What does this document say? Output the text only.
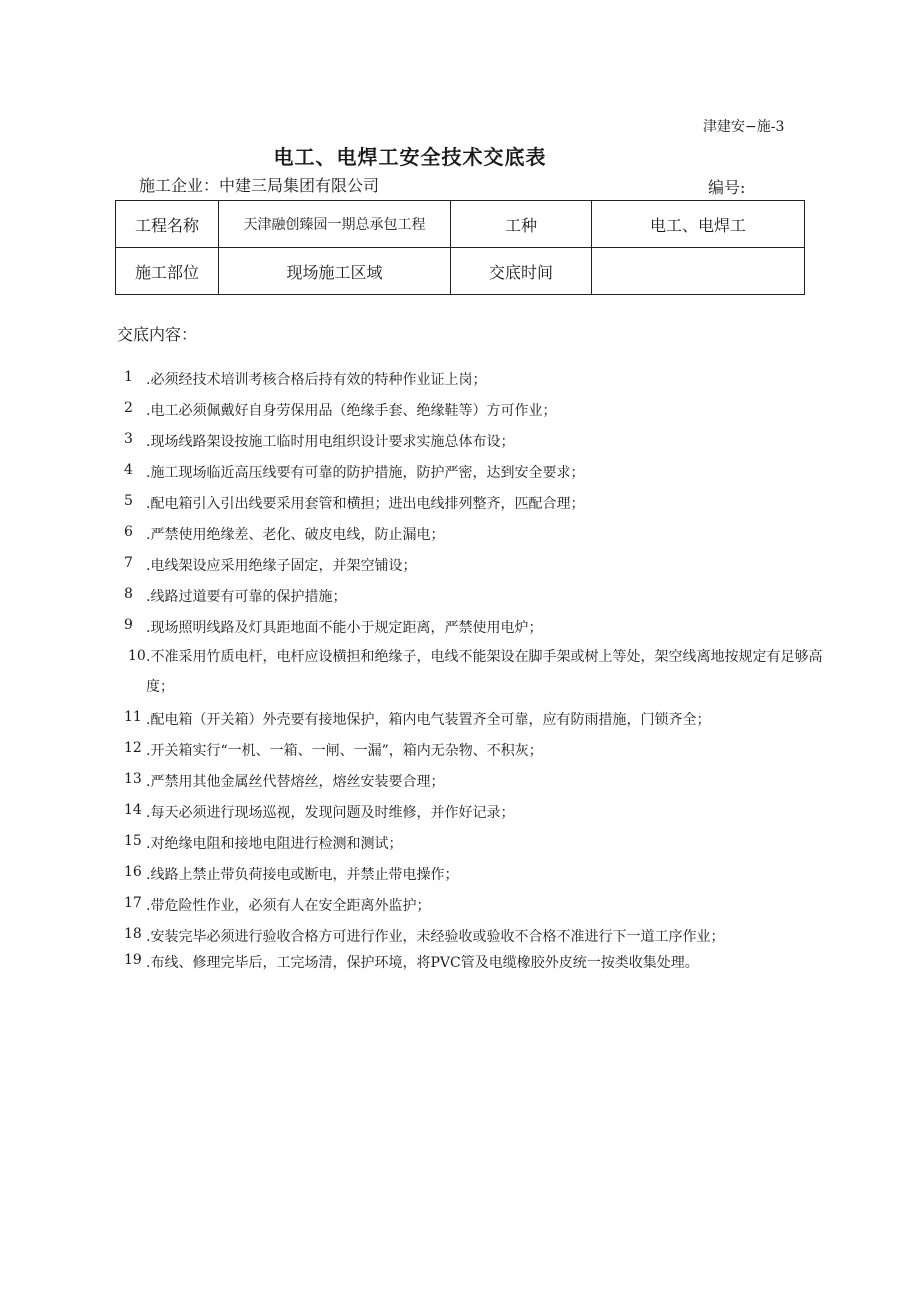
津建安−施-3
电工、电焊工安全技术交底表
施工企业：中建三局集团有限公司	编号:
工程名称	天津融创臻园一期总承包工程	工种	电工、电焊工
施工部位	现场施工区域	交底时间	
交底内容：
1 .必须经技术培训考核合格后持有效的特种作业证上岗；
2 .电工必须佩戴好自身劳保用品（绝缘手套、绝缘鞋等）方可作业；
3 .现场线路架设按施工临时用电组织设计要求实施总体布设；
4 .施工现场临近高压线要有可靠的防护措施，防护严密，达到安全要求；
5 .配电箱引入引出线要采用套管和横担；进出电线排列整齐，匹配合理；
6 .严禁使用绝缘差、老化、破皮电线，防止漏电；
7 .电线架设应采用绝缘子固定，并架空铺设；
8 .线路过道要有可靠的保护措施；
9 .现场照明线路及灯具距地面不能小于规定距离，严禁使用电炉；
10 .不准采用竹质电杆，电杆应设横担和绝缘子，电线不能架设在脚手架或树上等处，架空线离地按规定有足够高度；
11 .配电箱（开关箱）外壳要有接地保护，箱内电气装置齐全可靠，应有防雨措施，门锁齐全；
12 .开关箱实行“一机、一箱、一闸、一漏”，箱内无杂物、不积灰；
13 .严禁用其他金属丝代替熔丝，熔丝安装要合理；
14 .每天必须进行现场巡视，发现问题及时维修，并作好记录；
15 .对绝缘电阻和接地电阻进行检测和测试；
16 .线路上禁止带负荷接电或断电，并禁止带电操作；
17 .带危险性作业，必须有人在安全距离外监护；
18 .安装完毕必须进行验收合格方可进行作业，未经验收或验收不合格不准进行下一道工序作业；
19 .布线、修理完毕后，工完场清，保护环境，将PVC管及电缆橡胶外皮统一按类收集处理。
